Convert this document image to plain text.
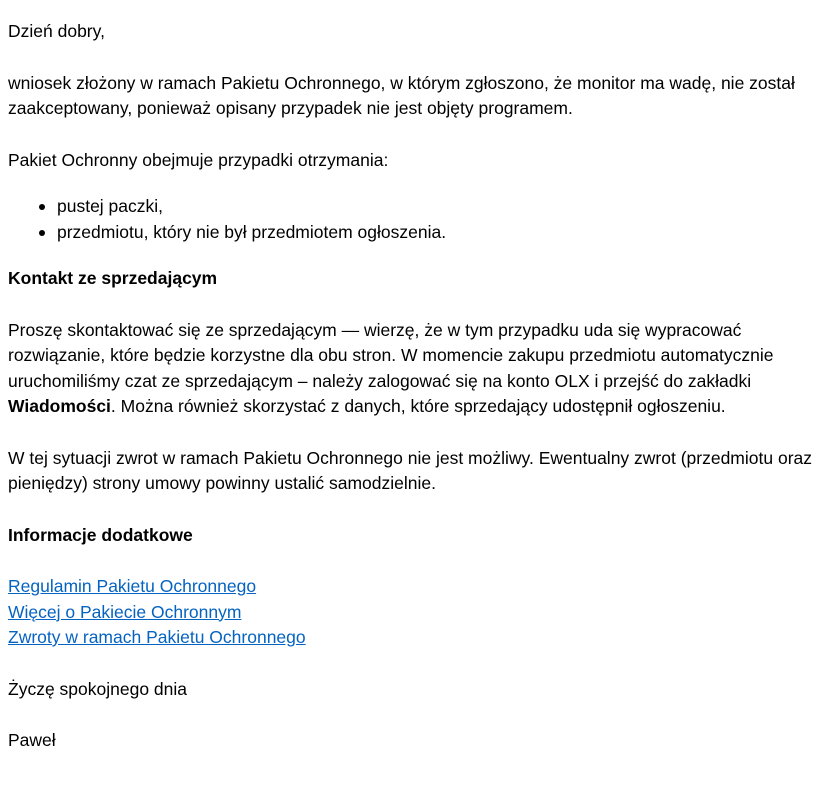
Dzień dobry,

wniosek złożony w ramach Pakietu Ochronnego, w którym zgłoszono, że monitor ma wadę, nie został zaakceptowany, ponieważ opisany przypadek nie jest objęty programem.

Pakiet Ochronny obejmuje przypadki otrzymania:

pustej paczki,
przedmiotu, który nie był przedmiotem ogłoszenia.
Kontakt ze sprzedającym

Proszę skontaktować się ze sprzedającym — wierzę, że w tym przypadku uda się wypracować rozwiązanie, które będzie korzystne dla obu stron. W momencie zakupu przedmiotu automatycznie uruchomiliśmy czat ze sprzedającym – należy zalogować się na konto OLX i przejść do zakładki Wiadomości. Można również skorzystać z danych, które sprzedający udostępnił ogłoszeniu.

W tej sytuacji zwrot w ramach Pakietu Ochronnego nie jest możliwy. Ewentualny zwrot (przedmiotu oraz pieniędzy) strony umowy powinny ustalić samodzielnie.

Informacje dodatkowe
Regulamin Pakietu Ochronnego
Więcej o Pakiecie Ochronnym
Zwroty w ramach Pakietu Ochronnego

Życzę spokojnego dnia

Paweł
